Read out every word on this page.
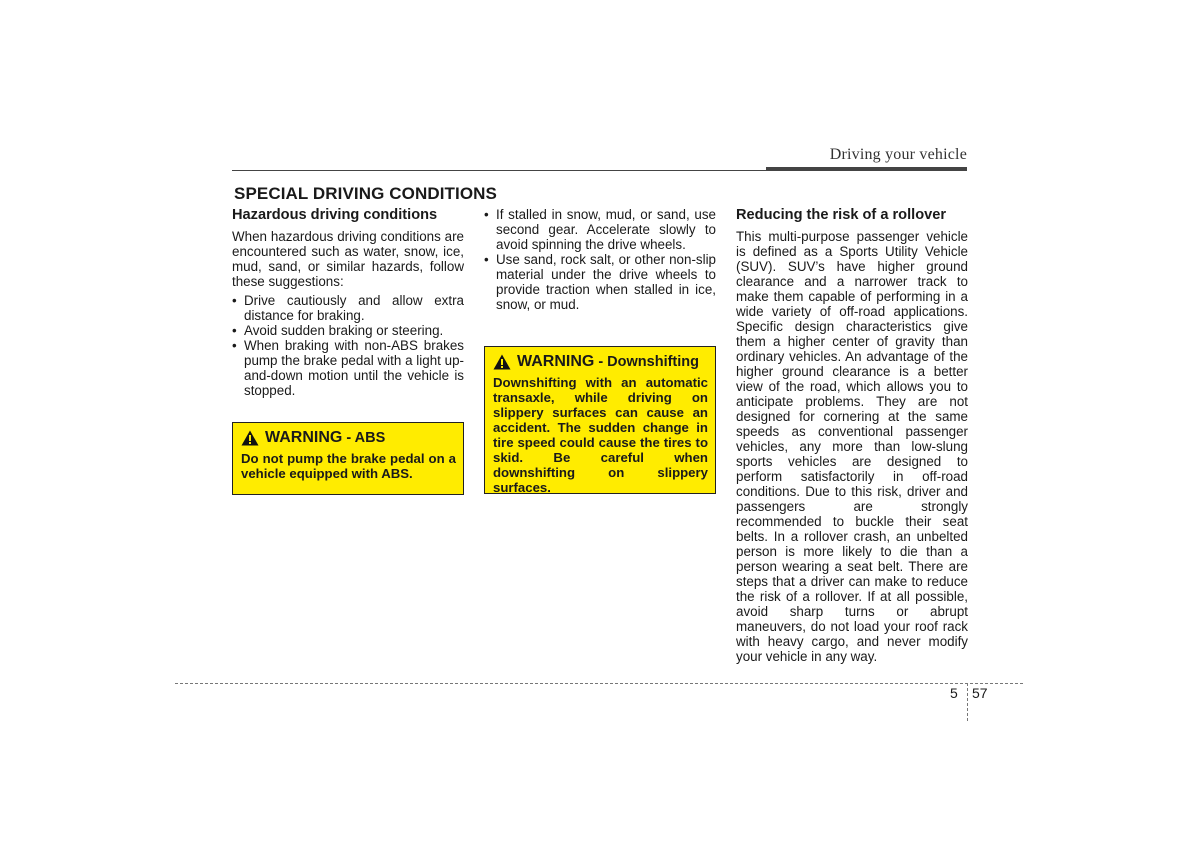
Driving your vehicle
SPECIAL DRIVING CONDITIONS
Hazardous driving conditions

When hazardous driving conditions are encountered such as water, snow, ice, mud, sand, or similar hazards, follow these suggestions:

• Drive cautiously and allow extra distance for braking.
• Avoid sudden braking or steering.
• When braking with non-ABS brakes pump the brake pedal with a light up-and-down motion until the vehicle is stopped.
• If stalled in snow, mud, or sand, use second gear. Accelerate slowly to avoid spinning the drive wheels.
• Use sand, rock salt, or other non-slip material under the drive wheels to provide traction when stalled in ice, snow, or mud.
WARNING - ABS

Do not pump the brake pedal on a vehicle equipped with ABS.

WARNING - Downshifting

Downshifting with an automatic transaxle, while driving on slippery surfaces can cause an accident. The sudden change in tire speed could cause the tires to skid. Be careful when downshifting on slippery surfaces.

Reducing the risk of a rollover

This multi-purpose passenger vehicle is defined as a Sports Utility Vehicle (SUV). SUV’s have higher ground clearance and a narrower track to make them capable of performing in a wide variety of off-road applications. Specific design characteristics give them a higher center of gravity than ordinary vehicles. An advantage of the higher ground clearance is a better view of the road, which allows you to anticipate problems. They are not designed for cornering at the same speeds as conventional passenger vehicles, any more than low-slung sports vehicles are designed to perform satisfactorily in off-road conditions. Due to this risk, driver and passengers are strongly recommended to buckle their seat belts. In a rollover crash, an unbelted person is more likely to die than a person wearing a seat belt. There are steps that a driver can make to reduce the risk of a rollover. If at all possible, avoid sharp turns or abrupt maneuvers, do not load your roof rack with heavy cargo, and never modify your vehicle in any way.

5 57
